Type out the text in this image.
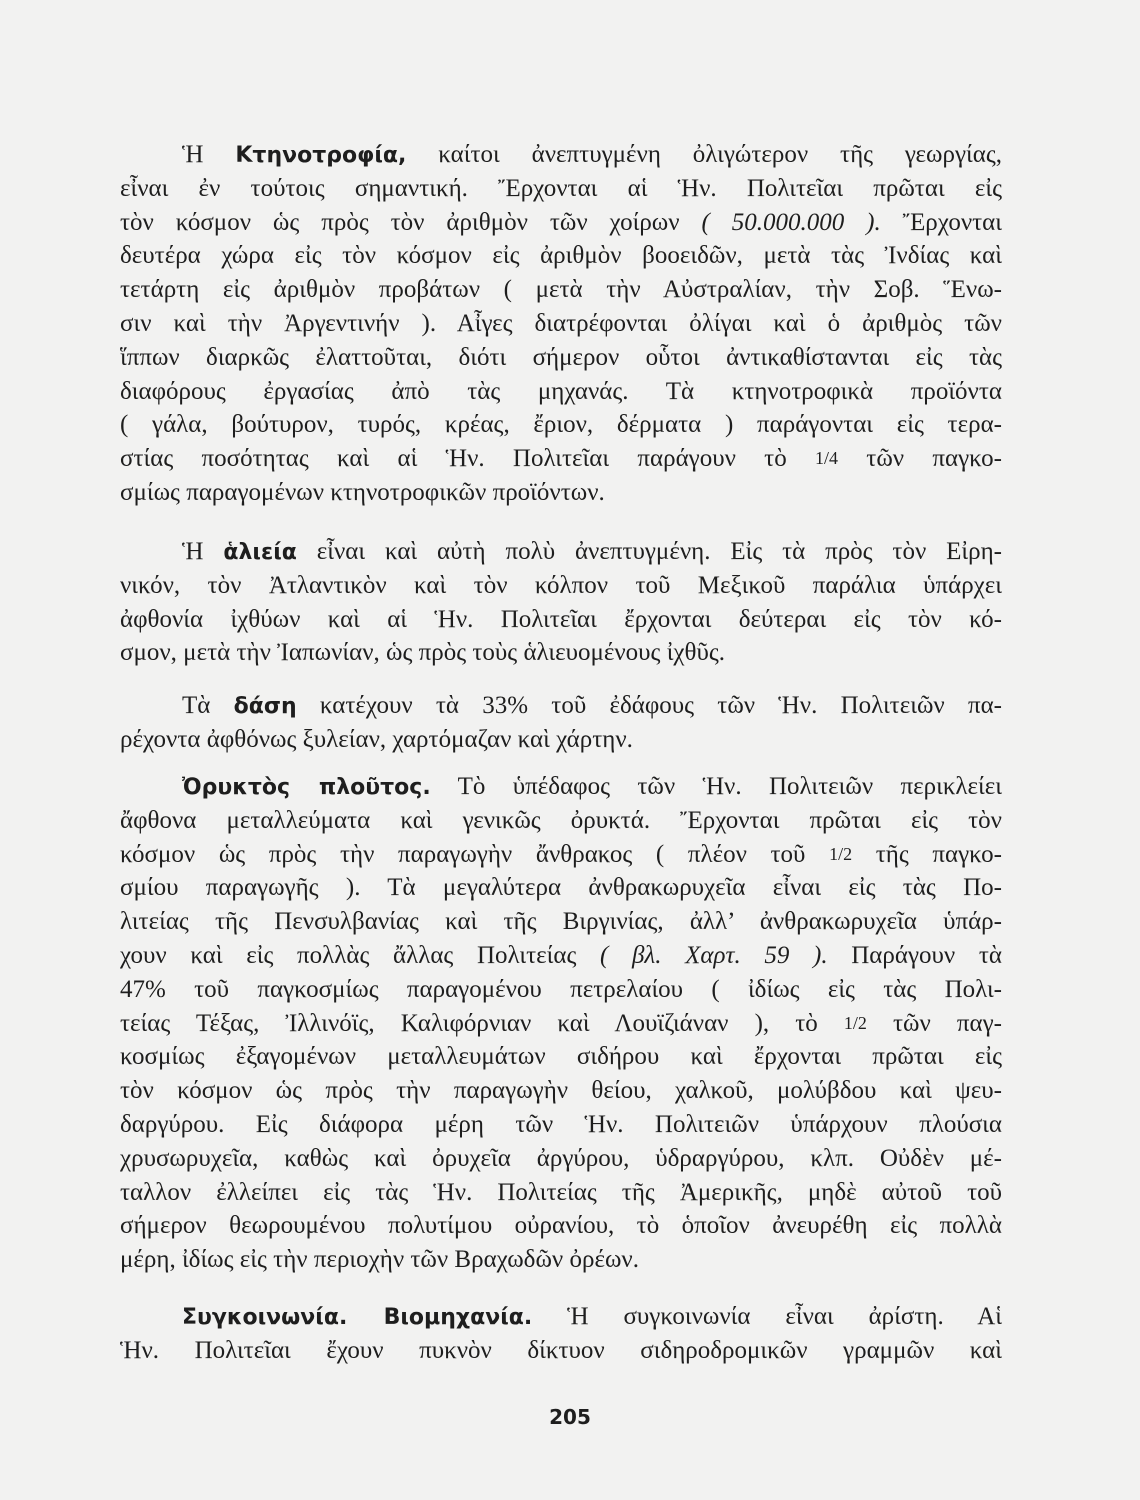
Ἡ Κτηνοτροφία, καίτοι ἀνεπτυγμένη ὀλιγώτερον τῆς γεωργίας,
εἶναι ἐν τούτοις σημαντική. Ἔρχονται αἱ Ἡν. Πολιτεῖαι πρῶται εἰς
τὸν κόσμον ὡς πρὸς τὸν ἀριθμὸν τῶν χοίρων ( 50.000.000 ). Ἔρχονται
δευτέρα χώρα εἰς τὸν κόσμον εἰς ἀριθμὸν βοοειδῶν, μετὰ τὰς Ἰνδίας καὶ
τετάρτη εἰς ἀριθμὸν προβάτων ( μετὰ τὴν Αὐστραλίαν, τὴν Σοβ. Ἕνω-
σιν καὶ τὴν Ἀργεντινήν ). Αἶγες διατρέφονται ὀλίγαι καὶ ὁ ἀριθμὸς τῶν
ἵππων διαρκῶς ἐλαττοῦται, διότι σήμερον οὗτοι ἀντικαθίστανται εἰς τὰς
διαφόρους ἐργασίας ἀπὸ τὰς μηχανάς. Τὰ κτηνοτροφικὰ προϊόντα
( γάλα, βούτυρον, τυρός, κρέας, ἔριον, δέρματα ) παράγονται εἰς τερα-
στίας ποσότητας καὶ αἱ Ἡν. Πολιτεῖαι παράγουν τὸ 1/4 τῶν παγκο-
σμίως παραγομένων κτηνοτροφικῶν προϊόντων.
Ἡ ἁλιεία εἶναι καὶ αὐτὴ πολὺ ἀνεπτυγμένη. Εἰς τὰ πρὸς τὸν Εἰρη-
νικόν, τὸν Ἀτλαντικὸν καὶ τὸν κόλπον τοῦ Μεξικοῦ παράλια ὑπάρχει
ἀφθονία ἰχθύων καὶ αἱ Ἡν. Πολιτεῖαι ἔρχονται δεύτεραι εἰς τὸν κό-
σμον, μετὰ τὴν Ἰαπωνίαν, ὡς πρὸς τοὺς ἁλιευομένους ἰχθῦς.
Τὰ δάση κατέχουν τὰ 33% τοῦ ἐδάφους τῶν Ἡν. Πολιτειῶν πα-
ρέχοντα ἀφθόνως ξυλείαν, χαρτόμαζαν καὶ χάρτην.
Ὀρυκτὸς πλοῦτος. Τὸ ὑπέδαφος τῶν Ἡν. Πολιτειῶν περικλείει
ἄφθονα μεταλλεύματα καὶ γενικῶς ὀρυκτά. Ἔρχονται πρῶται εἰς τὸν
κόσμον ὡς πρὸς τὴν παραγωγὴν ἄνθρακος ( πλέον τοῦ 1/2 τῆς παγκο-
σμίου παραγωγῆς ). Τὰ μεγαλύτερα ἀνθρακωρυχεῖα εἶναι εἰς τὰς Πο-
λιτείας τῆς Πενσυλβανίας καὶ τῆς Βιργινίας, ἀλλ’ ἀνθρακωρυχεῖα ὑπάρ-
χουν καὶ εἰς πολλὰς ἄλλας Πολιτείας ( βλ. Χαρτ. 59 ). Παράγουν τὰ
47% τοῦ παγκοσμίως παραγομένου πετρελαίου ( ἰδίως εἰς τὰς Πολι-
τείας Τέξας, Ἰλλινόϊς, Καλιφόρνιαν καὶ Λουϊζιάναν ), τὸ 1/2 τῶν παγ-
κοσμίως ἐξαγομένων μεταλλευμάτων σιδήρου καὶ ἔρχονται πρῶται εἰς
τὸν κόσμον ὡς πρὸς τὴν παραγωγὴν θείου, χαλκοῦ, μολύβδου καὶ ψευ-
δαργύρου. Εἰς διάφορα μέρη τῶν Ἡν. Πολιτειῶν ὑπάρχουν πλούσια
χρυσωρυχεῖα, καθὼς καὶ ὀρυχεῖα ἀργύρου, ὑδραργύρου, κλπ. Οὐδὲν μέ-
ταλλον ἐλλείπει εἰς τὰς Ἡν. Πολιτείας τῆς Ἀμερικῆς, μηδὲ αὐτοῦ τοῦ
σήμερον θεωρουμένου πολυτίμου οὐρανίου, τὸ ὁποῖον ἀνευρέθη εἰς πολλὰ
μέρη, ἰδίως εἰς τὴν περιοχὴν τῶν Βραχωδῶν ὀρέων.
Συγκοινωνία. Βιομηχανία. Ἡ συγκοινωνία εἶναι ἀρίστη. Αἱ
Ἡν. Πολιτεῖαι ἔχουν πυκνὸν δίκτυον σιδηροδρομικῶν γραμμῶν καὶ
205
